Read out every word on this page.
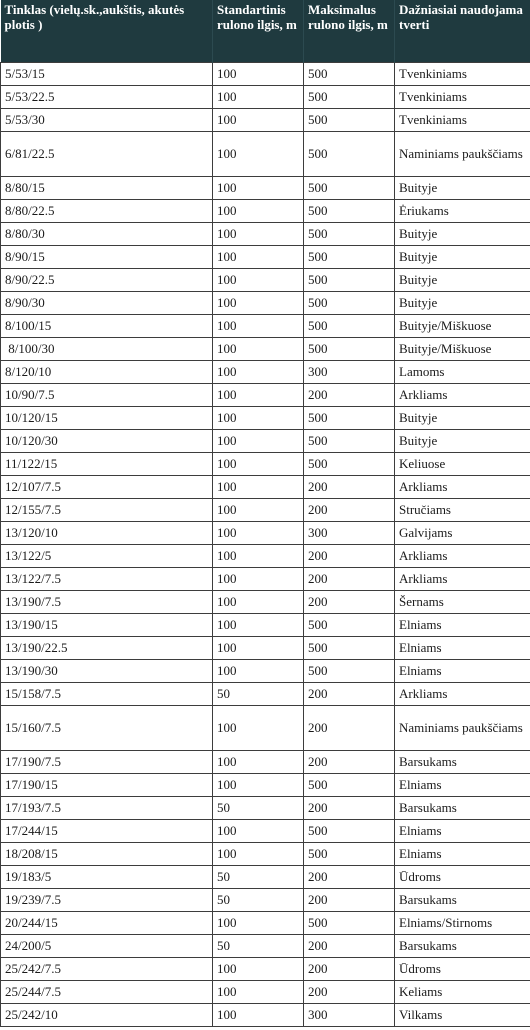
Tinklas (vielų.sk.,aukštis, akutės plotis )	Standartinis rulono ilgis, m	Maksimalus rulono ilgis, m	Dažniasiai naudojama tverti
5/53/15	100	500	Tvenkiniams
5/53/22.5	100	500	Tvenkiniams
5/53/30	100	500	Tvenkiniams
6/81/22.5	100	500	Naminiams paukščiams
8/80/15	100	500	Buityje
8/80/22.5	100	500	Ėriukams
8/80/30	100	500	Buityje
8/90/15	100	500	Buityje
8/90/22.5	100	500	Buityje
8/90/30	100	500	Buityje
8/100/15	100	500	Buityje/Miškuose
8/100/30	100	500	Buityje/Miškuose
8/120/10	100	300	Lamoms
10/90/7.5	100	200	Arkliams
10/120/15	100	500	Buityje
10/120/30	100	500	Buityje
11/122/15	100	500	Keliuose
12/107/7.5	100	200	Arkliams
12/155/7.5	100	200	Stručiams
13/120/10	100	300	Galvijams
13/122/5	100	200	Arkliams
13/122/7.5	100	200	Arkliams
13/190/7.5	100	200	Šernams
13/190/15	100	500	Elniams
13/190/22.5	100	500	Elniams
13/190/30	100	500	Elniams
15/158/7.5	50	200	Arkliams
15/160/7.5	100	200	Naminiams paukščiams
17/190/7.5	100	200	Barsukams
17/190/15	100	500	Elniams
17/193/7.5	50	200	Barsukams
17/244/15	100	500	Elniams
18/208/15	100	500	Elniams
19/183/5	50	200	Ūdroms
19/239/7.5	50	200	Barsukams
20/244/15	100	500	Elniams/Stirnoms
24/200/5	50	200	Barsukams
25/242/7.5	100	200	Ūdroms
25/244/7.5	100	200	Keliams
25/242/10	100	300	Vilkams
